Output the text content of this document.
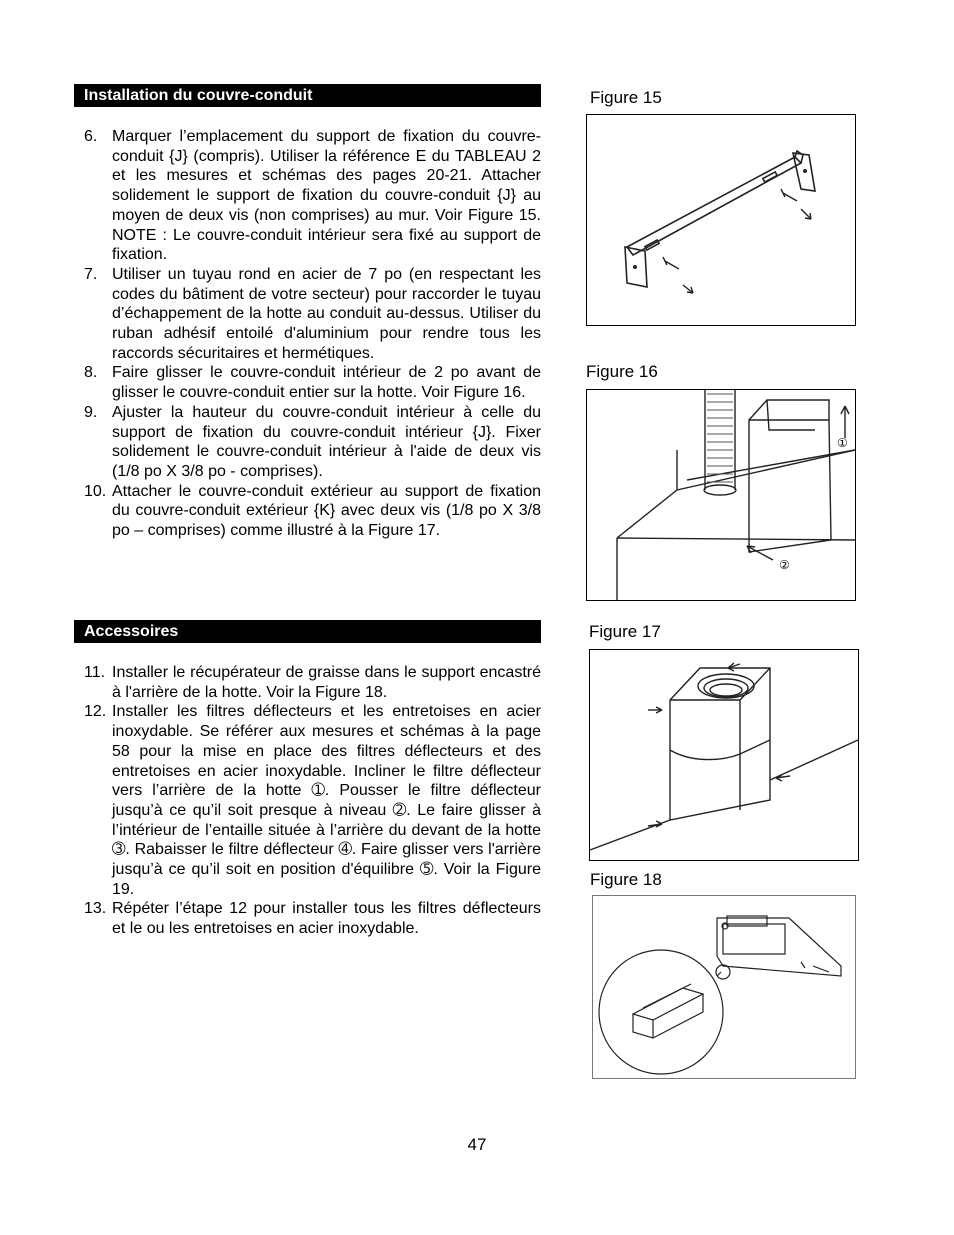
Installation du couvre-conduit
6. Marquer l’emplacement du support de fixation du couvre-conduit {J} (compris). Utiliser la référence E du TABLEAU 2 et les mesures et schémas des pages 20-21. Attacher solidement le support de fixation du couvre-conduit {J} au moyen de deux vis (non comprises) au mur. Voir Figure 15. NOTE : Le couvre-conduit intérieur sera fixé au support de fixation.
7. Utiliser un tuyau rond en acier de 7 po (en respectant les codes du bâtiment de votre secteur) pour raccorder le tuyau d’échappement de la hotte au conduit au-dessus. Utiliser du ruban adhésif entoilé d'aluminium pour rendre tous les raccords sécuritaires et hermétiques.
8. Faire glisser le couvre-conduit intérieur de 2 po avant de glisser le couvre-conduit entier sur la hotte. Voir Figure 16.
9. Ajuster la hauteur du couvre-conduit intérieur à celle du support de fixation du couvre-conduit intérieur {J}. Fixer solidement le couvre-conduit intérieur à l'aide de deux vis (1/8 po X 3/8 po - comprises).
10. Attacher le couvre-conduit extérieur au support de fixation du couvre-conduit extérieur {K} avec deux vis (1/8 po X 3/8 po – comprises) comme illustré à la Figure 17.
Accessoires
11. Installer le récupérateur de graisse dans le support encastré à l'arrière de la hotte. Voir la Figure 18.
12. Installer les filtres déflecteurs et les entretoises en acier inoxydable. Se référer aux mesures et schémas à la page 58 pour la mise en place des filtres déflecteurs et des entretoises en acier inoxydable. Incliner le filtre déflecteur vers l’arrière de la hotte ➀. Pousser le filtre déflecteur jusqu’à ce qu’il soit presque à niveau ➁. Le faire glisser à l’intérieur de l’entaille située à l’arrière du devant de la hotte ➂. Rabaisser le filtre déflecteur ➃. Faire glisser vers l'arrière jusqu’à ce qu’il soit en position d'équilibre ➄. Voir la Figure 19.
13. Répéter l’étape 12 pour installer tous les filtres déflecteurs et le ou les entretoises en acier inoxydable.
Figure 15
Figure 16
①
②
Figure 17
Figure 18
47
